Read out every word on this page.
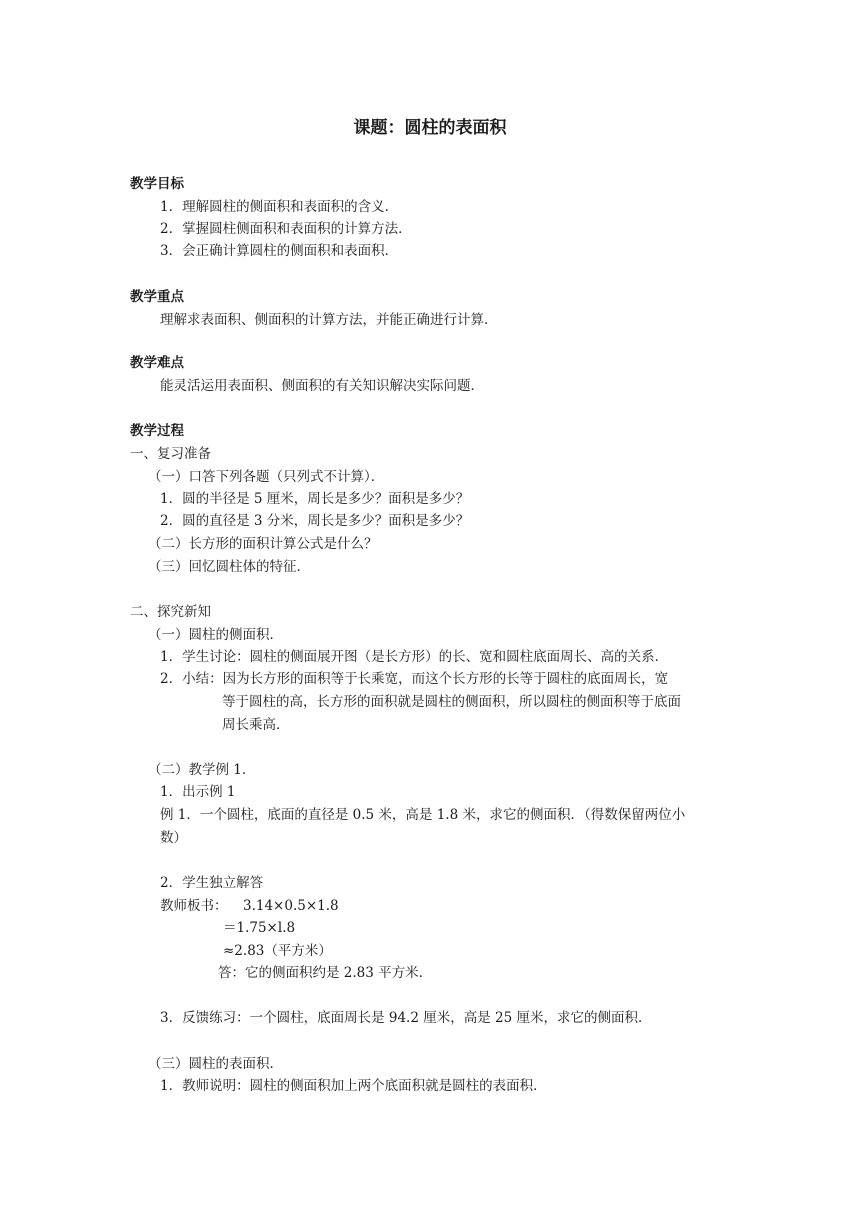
课题：圆柱的表面积
教学目标
1．理解圆柱的侧面积和表面积的含义．
2．掌握圆柱侧面积和表面积的计算方法．
3．会正确计算圆柱的侧面积和表面积．
教学重点
理解求表面积、侧面积的计算方法，并能正确进行计算．
教学难点
能灵活运用表面积、侧面积的有关知识解决实际问题．
教学过程
一、复习准备
（一）口答下列各题（只列式不计算）．
1．圆的半径是 5 厘米，周长是多少？面积是多少？
2．圆的直径是 3 分米，周长是多少？面积是多少？
（二）长方形的面积计算公式是什么？
（三）回忆圆柱体的特征．
二、探究新知
（一）圆柱的侧面积．
1．学生讨论：圆柱的侧面展开图（是长方形）的长、宽和圆柱底面周长、高的关系．
2．小结：因为长方形的面积等于长乘宽，而这个长方形的长等于圆柱的底面周长，宽
等于圆柱的高，长方形的面积就是圆柱的侧面积，所以圆柱的侧面积等于底面
周长乘高．
（二）教学例 1．
1．出示例 1
例 1．一个圆柱，底面的直径是 0.5 米，高是 1.8 米，求它的侧面积．（得数保留两位小
数）
2．学生独立解答
教师板书： 3.14×0.5×1.8
＝1.75×l.8
≈2.83（平方米）
答：它的侧面积约是 2.83 平方米．
3．反馈练习：一个圆柱，底面周长是 94.2 厘米，高是 25 厘米，求它的侧面积．
（三）圆柱的表面积．
1．教师说明：圆柱的侧面积加上两个底面积就是圆柱的表面积．
